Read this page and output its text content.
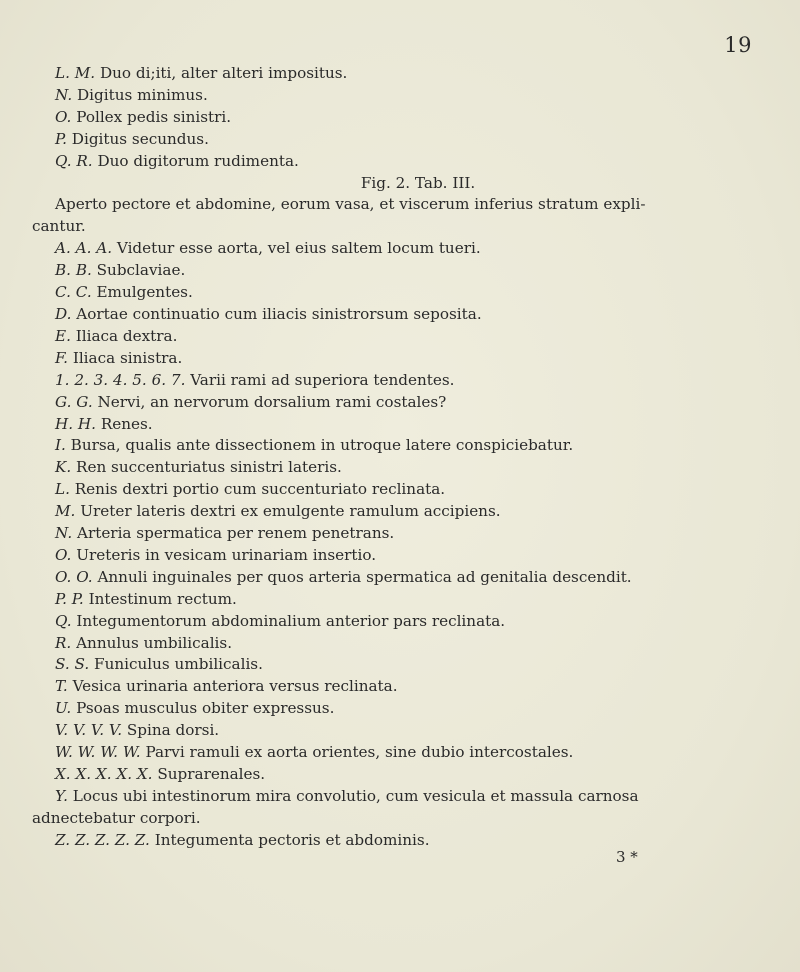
19
L. M. Duo di;iti, alter alteri impositus.
N. Digitus minimus.
O. Pollex pedis sinistri.
P. Digitus secundus.
Q. R. Duo digitorum rudimenta.
Fig. 2. Tab. III.
Aperto pectore et abdomine, eorum vasa, et viscerum inferius stratum expli-
cantur.
A. A. A. Videtur esse aorta, vel eius saltem locum tueri.
B. B. Subclaviae.
C. C. Emulgentes.
D. Aortae continuatio cum iliacis sinistrorsum seposita.
E. Iliaca dextra.
F. Iliaca sinistra.
1. 2. 3. 4. 5. 6. 7. Varii rami ad superiora tendentes.
G. G. Nervi, an nervorum dorsalium rami costales?
H. H. Renes.
I. Bursa, qualis ante dissectionem in utroque latere conspiciebatur.
K. Ren succenturiatus sinistri lateris.
L. Renis dextri portio cum succenturiato reclinata.
M. Ureter lateris dextri ex emulgente ramulum accipiens.
N. Arteria spermatica per renem penetrans.
O. Ureteris in vesicam urinariam insertio.
O. O. Annuli inguinales per quos arteria spermatica ad genitalia descendit.
P. P. Intestinum rectum.
Q. Integumentorum abdominalium anterior pars reclinata.
R. Annulus umbilicalis.
S. S. Funiculus umbilicalis.
T. Vesica urinaria anteriora versus reclinata.
U. Psoas musculus obiter expressus.
V. V. V. V. Spina dorsi.
W. W. W. W. Parvi ramuli ex aorta orientes, sine dubio intercostales.
X. X. X. X. X. Suprarenales.
Y. Locus ubi intestinorum mira convolutio, cum vesicula et massula carnosa
adnectebatur corpori.
Z. Z. Z. Z. Z. Integumenta pectoris et abdominis.
3 *
